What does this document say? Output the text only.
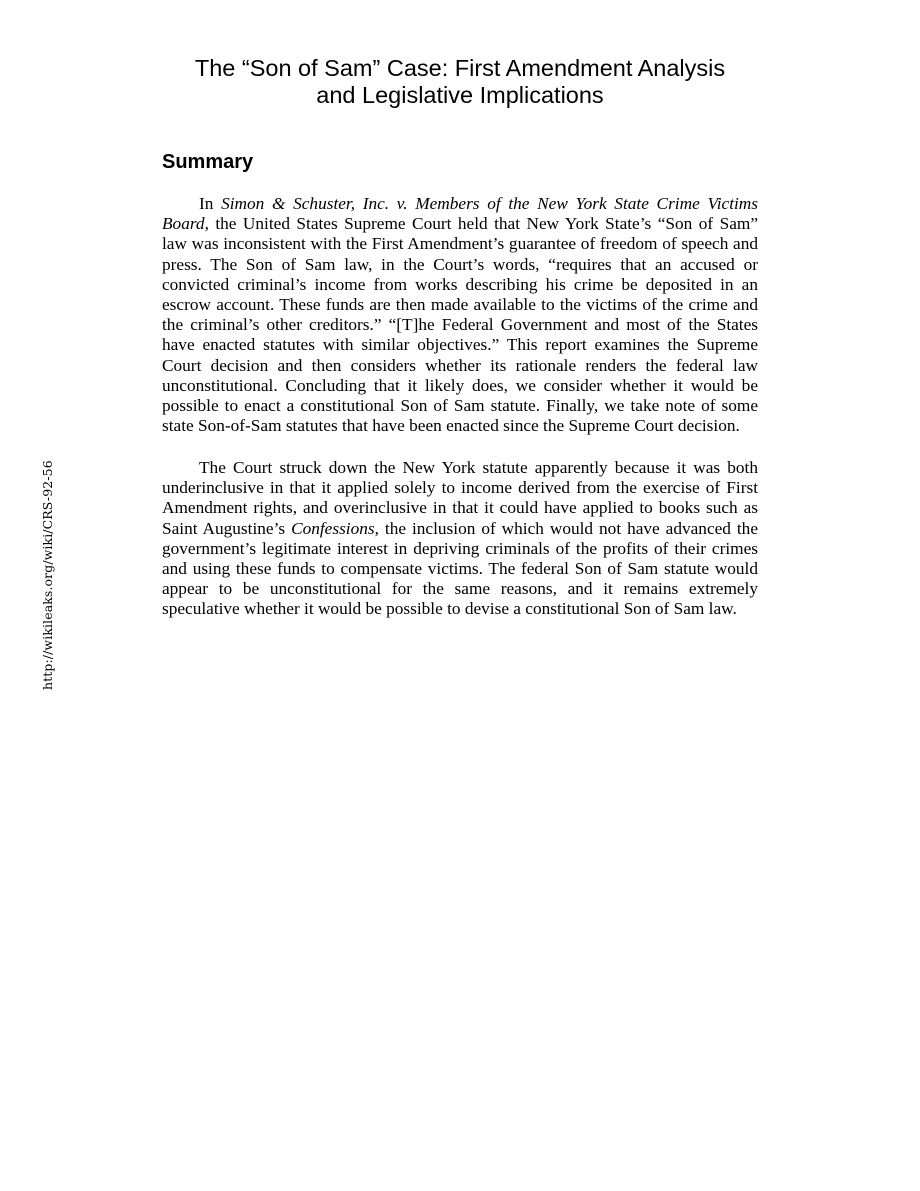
http://wikileaks.org/wiki/CRS-92-56
The “Son of Sam” Case: First Amendment Analysis
and Legislative Implications
Summary

In Simon & Schuster, Inc. v. Members of the New York State Crime Victims Board, the United States Supreme Court held that New York State’s “Son of Sam” law was inconsistent with the First Amendment’s guarantee of freedom of speech and press. The Son of Sam law, in the Court’s words, “requires that an accused or convicted criminal’s income from works describing his crime be deposited in an escrow account. These funds are then made available to the victims of the crime and the criminal’s other creditors.” “[T]he Federal Government and most of the States have enacted statutes with similar objectives.” This report examines the Supreme Court decision and then considers whether its rationale renders the federal law unconstitutional. Concluding that it likely does, we consider whether it would be possible to enact a constitutional Son of Sam statute. Finally, we take note of some state Son-of-Sam statutes that have been enacted since the Supreme Court decision.

The Court struck down the New York statute apparently because it was both underinclusive in that it applied solely to income derived from the exercise of First Amendment rights, and overinclusive in that it could have applied to books such as Saint Augustine’s Confessions, the inclusion of which would not have advanced the government’s legitimate interest in depriving criminals of the profits of their crimes and using these funds to compensate victims. The federal Son of Sam statute would appear to be unconstitutional for the same reasons, and it remains extremely speculative whether it would be possible to devise a constitutional Son of Sam law.
